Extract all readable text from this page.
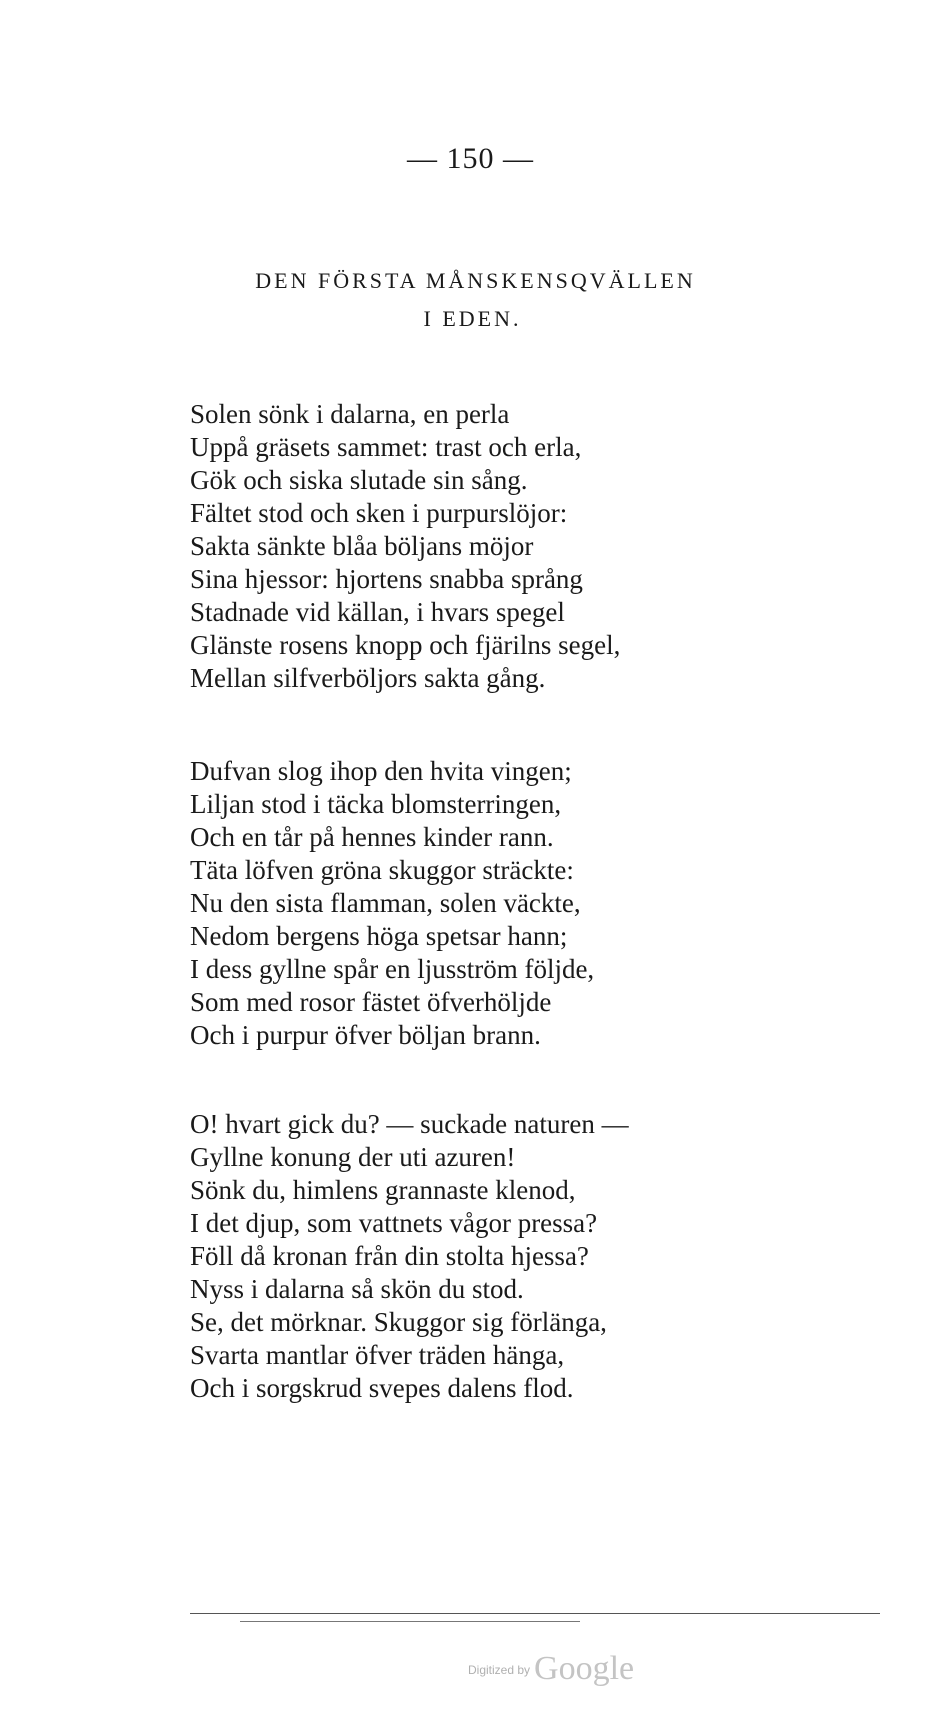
— 150 —
DEN FÖRSTA MÅNSKENSQVÄLLEN
I EDEN.
Solen sönk i dalarna, en perla
Uppå gräsets sammet: trast och erla,
Gök och siska slutade sin sång.
Fältet stod och sken i purpurslöjor:
Sakta sänkte blåa böljans möjor
Sina hjessor: hjortens snabba språng
Stadnade vid källan, i hvars spegel
Glänste rosens knopp och fjärilns segel,
Mellan silfverböljors sakta gång.
Dufvan slog ihop den hvita vingen;
Liljan stod i täcka blomsterringen,
Och en tår på hennes kinder rann.
Täta löfven gröna skuggor sträckte:
Nu den sista flamman, solen väckte,
Nedom bergens höga spetsar hann;
I dess gyllne spår en ljusström följde,
Som med rosor fästet öfverhöljde
Och i purpur öfver böljan brann.
O! hvart gick du? — suckade naturen —
Gyllne konung der uti azuren!
Sönk du, himlens grannaste klenod,
I det djup, som vattnets vågor pressa?
Föll då kronan från din stolta hjessa?
Nyss i dalarna så skön du stod.
Se, det mörknar. Skuggor sig förlänga,
Svarta mantlar öfver träden hänga,
Och i sorgskrud svepes dalens flod.
$^{Digitized by}$ Google
